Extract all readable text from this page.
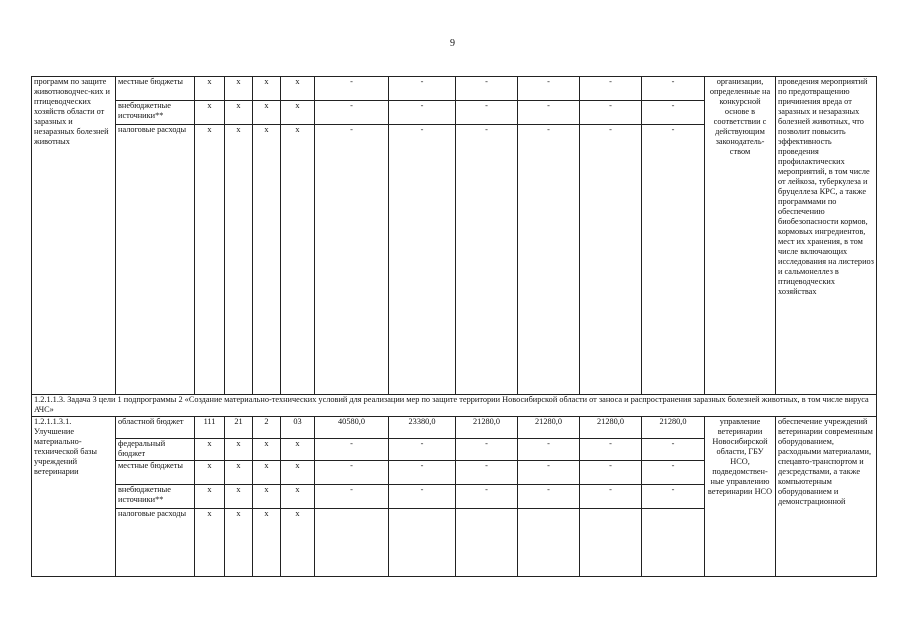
9
программ по защите животноводчес-ких и птицеводческих хозяйств области от заразных и незаразных болезней животных	местные бюджеты	х	х	х	х	-	-	-	-	-	-	организации, определенные на конкурсной основе в соответствии с действующим законодатель-ством	проведения мероприятий по предотвращению причинения вреда от заразных и незаразных болезней животных, что позволит повысить эффективность проведения профилактических мероприятий, в том числе от лейкоза, туберкулеза и бруцеллеза КРС, а также программами по обеспечению биобезопасности кормов, кормовых ингредиентов, мест их хранения, в том числе включающих исследования на листериоз и сальмонеллез в птицеводческих хозяйствах

	внебюджетные источники**	х	х	х	х	-	-	-	-	-	-		
	налоговые расходы	х	х	х	х	-	-	-	-	-	-		
1.2.1.1.3. Задача 3 цели 1 подпрограммы 2 «Создание материально-технических условий для реализации мер по защите территории Новосибирской области от заноса и распространения заразных болезней животных, в том числе вируса АЧС»													

1.2.1.1.3.1. Улучшение материально-технической базы учреждений ветеринарии	областной бюджет	111	21	2	03	40580,0	23380,0	21280,0	21280,0	21280,0	21280,0	управление ветеринарии Новосибирской области, ГБУ НСО, подведомствен-ные управлению ветеринарии НСО	обеспечение учреждений ветеринарии современным оборудованием, расходными материалами, спецавто-транспортом и дезсредствами, а также компьютерным оборудованием и демонстрационной

	федеральный бюджет	х	х	х	х	-	-	-	-	-	-		
	местные бюджеты	х	х	х	х	-	-	-	-	-	-		
	внебюджетные источники**	х	х	х	х	-	-	-	-	-	-		
	налоговые расходы	х	х	х	х								
